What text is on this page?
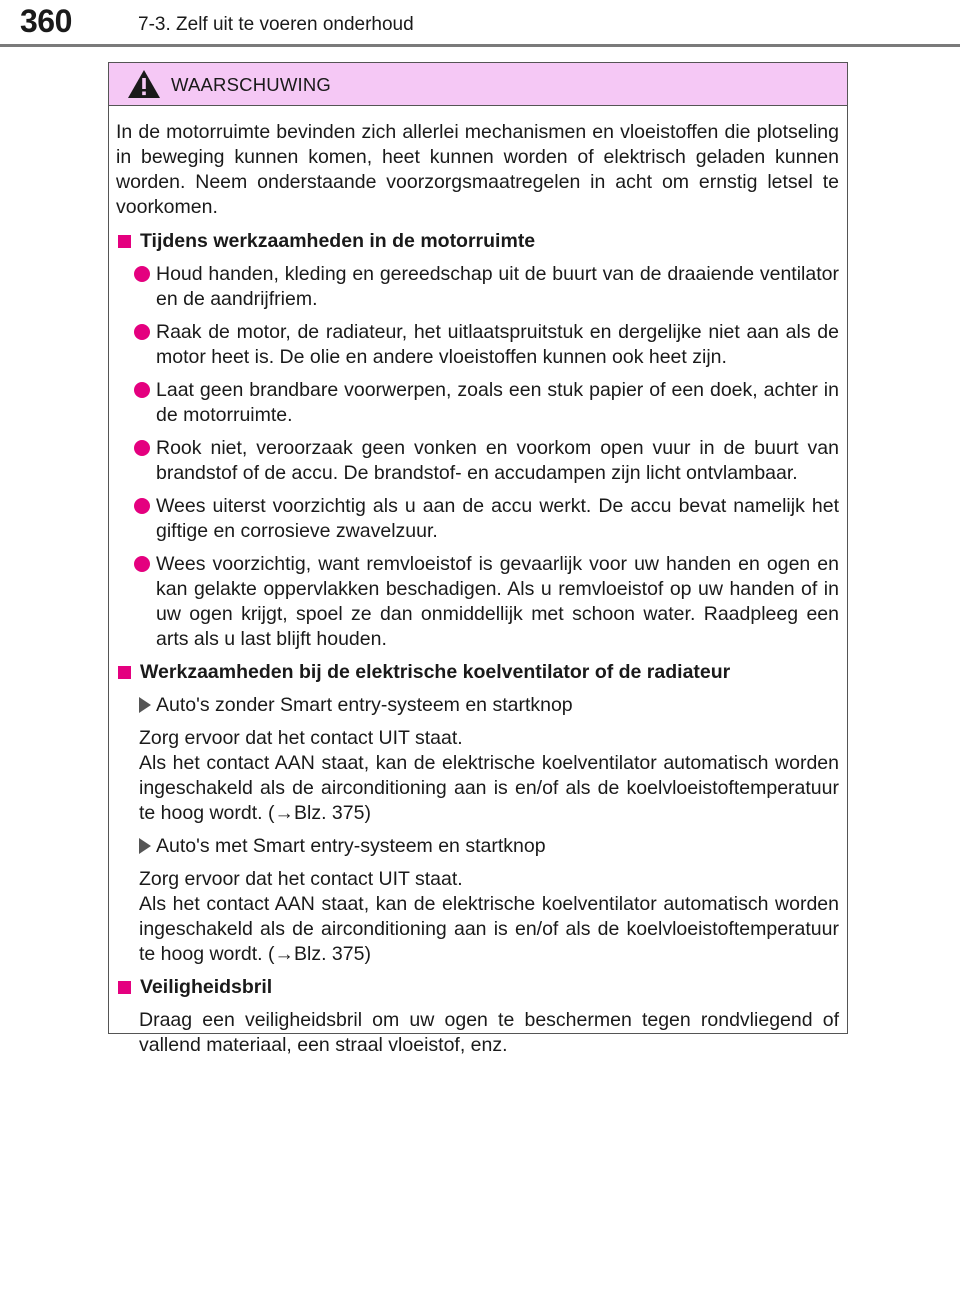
360	7-3. Zelf uit te voeren onderhoud
WAARSCHUWING

In de motorruimte bevinden zich allerlei mechanismen en vloeistoffen die plotseling in beweging kunnen komen, heet kunnen worden of elektrisch geladen kunnen worden. Neem onderstaande voorzorgsmaatregelen in acht om ernstig letsel te voorkomen.

Tijdens werkzaamheden in de motorruimte
Houd handen, kleding en gereedschap uit de buurt van de draaiende ventilator en de aandrijfriem.
Raak de motor, de radiateur, het uitlaatspruitstuk en dergelijke niet aan als de motor heet is. De olie en andere vloeistoffen kunnen ook heet zijn.
Laat geen brandbare voorwerpen, zoals een stuk papier of een doek, achter in de motorruimte.
Rook niet, veroorzaak geen vonken en voorkom open vuur in de buurt van brandstof of de accu. De brandstof- en accudampen zijn licht ontvlambaar.
Wees uiterst voorzichtig als u aan de accu werkt. De accu bevat namelijk het giftige en corrosieve zwavelzuur.
Wees voorzichtig, want remvloeistof is gevaarlijk voor uw handen en ogen en kan gelakte oppervlakken beschadigen. Als u remvloeistof op uw handen of in uw ogen krijgt, spoel ze dan onmiddellijk met schoon water. Raadpleeg een arts als u last blijft houden.
Werkzaamheden bij de elektrische koelventilator of de radiateur
Auto's zonder Smart entry-systeem en startknop
Zorg ervoor dat het contact UIT staat.
Als het contact AAN staat, kan de elektrische koelventilator automatisch worden ingeschakeld als de airconditioning aan is en/of als de koelvloeistoftemperatuur te hoog wordt. (→Blz. 375)
Auto's met Smart entry-systeem en startknop
Zorg ervoor dat het contact UIT staat.
Als het contact AAN staat, kan de elektrische koelventilator automatisch worden ingeschakeld als de airconditioning aan is en/of als de koelvloeistoftemperatuur te hoog wordt. (→Blz. 375)
Veiligheidsbril
Draag een veiligheidsbril om uw ogen te beschermen tegen rondvliegend of vallend materiaal, een straal vloeistof, enz.
